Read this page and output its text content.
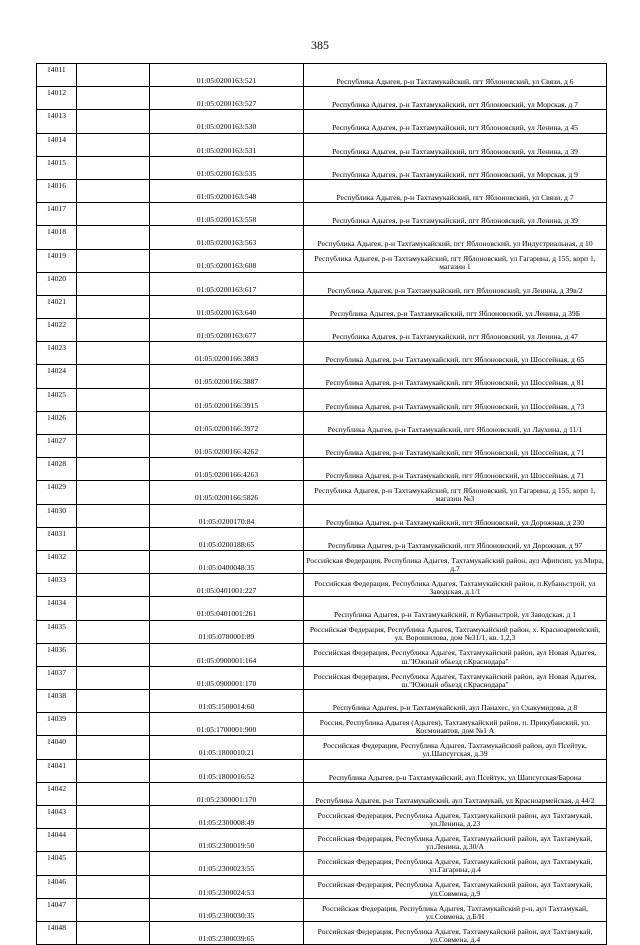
385
14011		01:05:0200163:521	Республика Адыгея, р-н Тахтамукайский, пгт Яблоновский, ул Связи, д 6
14012		01:05:0200163:527	Республика Адыгея, р-н Тахтамукайский, пгт Яблоновский, ул Морская, д 7
14013		01:05:0200163:530	Республика Адыгея, р-н Тахтамукайский, пгт Яблоновский, ул Ленина, д 45
14014		01:05:0200163:531	Республика Адыгея, р-н Тахтамукайский, пгт Яблоновский, ул Ленина, д 39
14015		01:05:0200163:535	Республика Адыгея, р-н Тахтамукайский, пгт Яблоновский, ул Морская, д 9
14016		01:05:0200163:548	Республика Адыгея, р-н Тахтамукайский, пгт Яблоновский, ул Связи, д 7
14017		01:05:0200163:558	Республика Адыгея, р-н Тахтамукайский, пгт Яблоновский, ул Ленина, д 39
14018		01:05:0200163:563	Республика Адыгея, р-н Тахтамукайский, пгт Яблоновский, ул Индустриальная, д 10
14019		01:05:0200163:608	Республика Адыгея, р-н Тахтамукайский, пгт Яблоновский, ул Гагарина, д 155, корп 1, магазин 1
14020		01:05:0200163:617	Республика Адыгея, р-н Тахтамукайский, пгт Яблоновский, ул Ленина, д 39в/2
14021		01:05:0200163:640	Республика Адыгея, р-н Тахтамукайский, пгт Яблоновский, ул Ленина, д 39Б
14022		01:05:0200163:677	Республика Адыгея, р-н Тахтамукайский, пгт Яблоновский, ул Ленина, д 47
14023		01:05:0200166:3883	Республика Адыгея, р-н Тахтамукайский, пгт Яблоновский, ул Шоссейная, д 65
14024		01:05:0200166:3887	Республика Адыгея, р-н Тахтамукайский, пгт Яблоновский, ул Шоссейная, д 81
14025		01:05:0200166:3915	Республика Адыгея, р-н Тахтамукайский, пгт Яблоновский, ул Шоссейная, д 73
14026		01:05:0200166:3972	Республика Адыгея, р-н Тахтамукайский, пгт Яблоновский, ул Лаухина, д 11/1
14027		01:05:0200166:4262	Республика Адыгея, р-н Тахтамукайский, пгт Яблоновский, ул Шоссейная, д 71
14028		01:05:0200166:4263	Республика Адыгея, р-н Тахтамукайский, пгт Яблоновский, ул Шоссейная, д 71
14029		01:05:0200166:5826	Республика Адыгея, р-н Тахтамукайский, пгт Яблоновский, ул Гагарина, д 155, корп 1, магазин №3
14030		01:05:0200170:84	Республика Адыгея, р-н Тахтамукайский, пгт Яблоновский, ул Дорожная, д 230
14031		01:05:0200188:65	Республика Адыгея, р-н Тахтамукайский, пгт Яблоновский, ул Дорожная, д 97
14032		01:05:0400048:35	Российская Федерация, Республика Адыгея, Тахтамукайский район, аул Афипсип, ул.Мира, д.7
14033		01:05:0401001:227	Российская Федерация, Республика Адыгея, Тахтамукайский район, п.Кубаньстрой, ул Заводская, д.1/1
14034		01:05:0401001:261	Республика Адыгея, р-н Тахтамукайский, п Кубаньстрой, ул Заводская, д 1
14035		01:05:0700001:89	Российская Федерация, Республика Адыгея, Тахтамукайский район, х. Красноармейский, ул. Ворошилова, дом №31/1, кв. 1,2,3
14036		01:05:0900001:164	Российская Федерация, Республика Адыгея, Тахтамукайский район, аул Новая Адыгея, ш."Южный обьезд г.Краснодара"
14037		01:05:0900001:170	Российская Федерация, Республика Адыгея, Тахтамукайский район, аул Новая Адыгея, ш."Южный обьезд г.Краснодара"
14038		01:05:1500014:60	Республика Адыгея, р-н Тахтамукайский, аул Панахес, ул Схакумидова, д 8
14039		01:05:1700001:900	Россия, Республика Адыгея (Адыгея), Тахтамукайский район, п. Прикубанский, ул. Космонавтов, дом №1 А
14040		01:05:1800010:21	Российская Федерация, Республика Адыгея, Тахтамукайский район, аул Псейтук, ул.Шапсугская, д.39
14041		01:05:1800016:52	Республика Адыгея, р-н Тахтамукайский, аул Псейтук, ул Шапсугская/Барона
14042		01:05:2300001:170	Республика Адыгея, р-н Тахтамукайский, аул Тахтамукай, ул Красноармейская, д 44/2
14043		01:05:2300008:49	Российская Федерация, Республика Адыгея, Тахтамукайский район, аул Тахтамукай, ул.Ленина, д.23
14044		01:05:2300019:50	Российская Федерация, Республика Адыгея, Тахтамукайский район, аул Тахтамукай, ул.Ленина, д.30/А
14045		01:05:2300023:55	Российская Федерация, Республика Адыгея, Тахтамукайский район, аул Тахтамукай, ул.Гагарина, д.4
14046		01:05:2300024:53	Российская Федерация, Республика Адыгея, Тахтамукайский район, аул Тахтамукай, ул.Совмена, д.9
14047		01:05:2300030:35	Российская Федерация, Республика Адыгея, Тахтамукайский р-н, аул Тахтамукай, ул.Совмена, д.Б/Н
14048		01:05:2300039:65	Российская Федерация, Республика Адыгея, Тахтамукайский район, аул Тахтамукай, ул.Совмена, д.4
